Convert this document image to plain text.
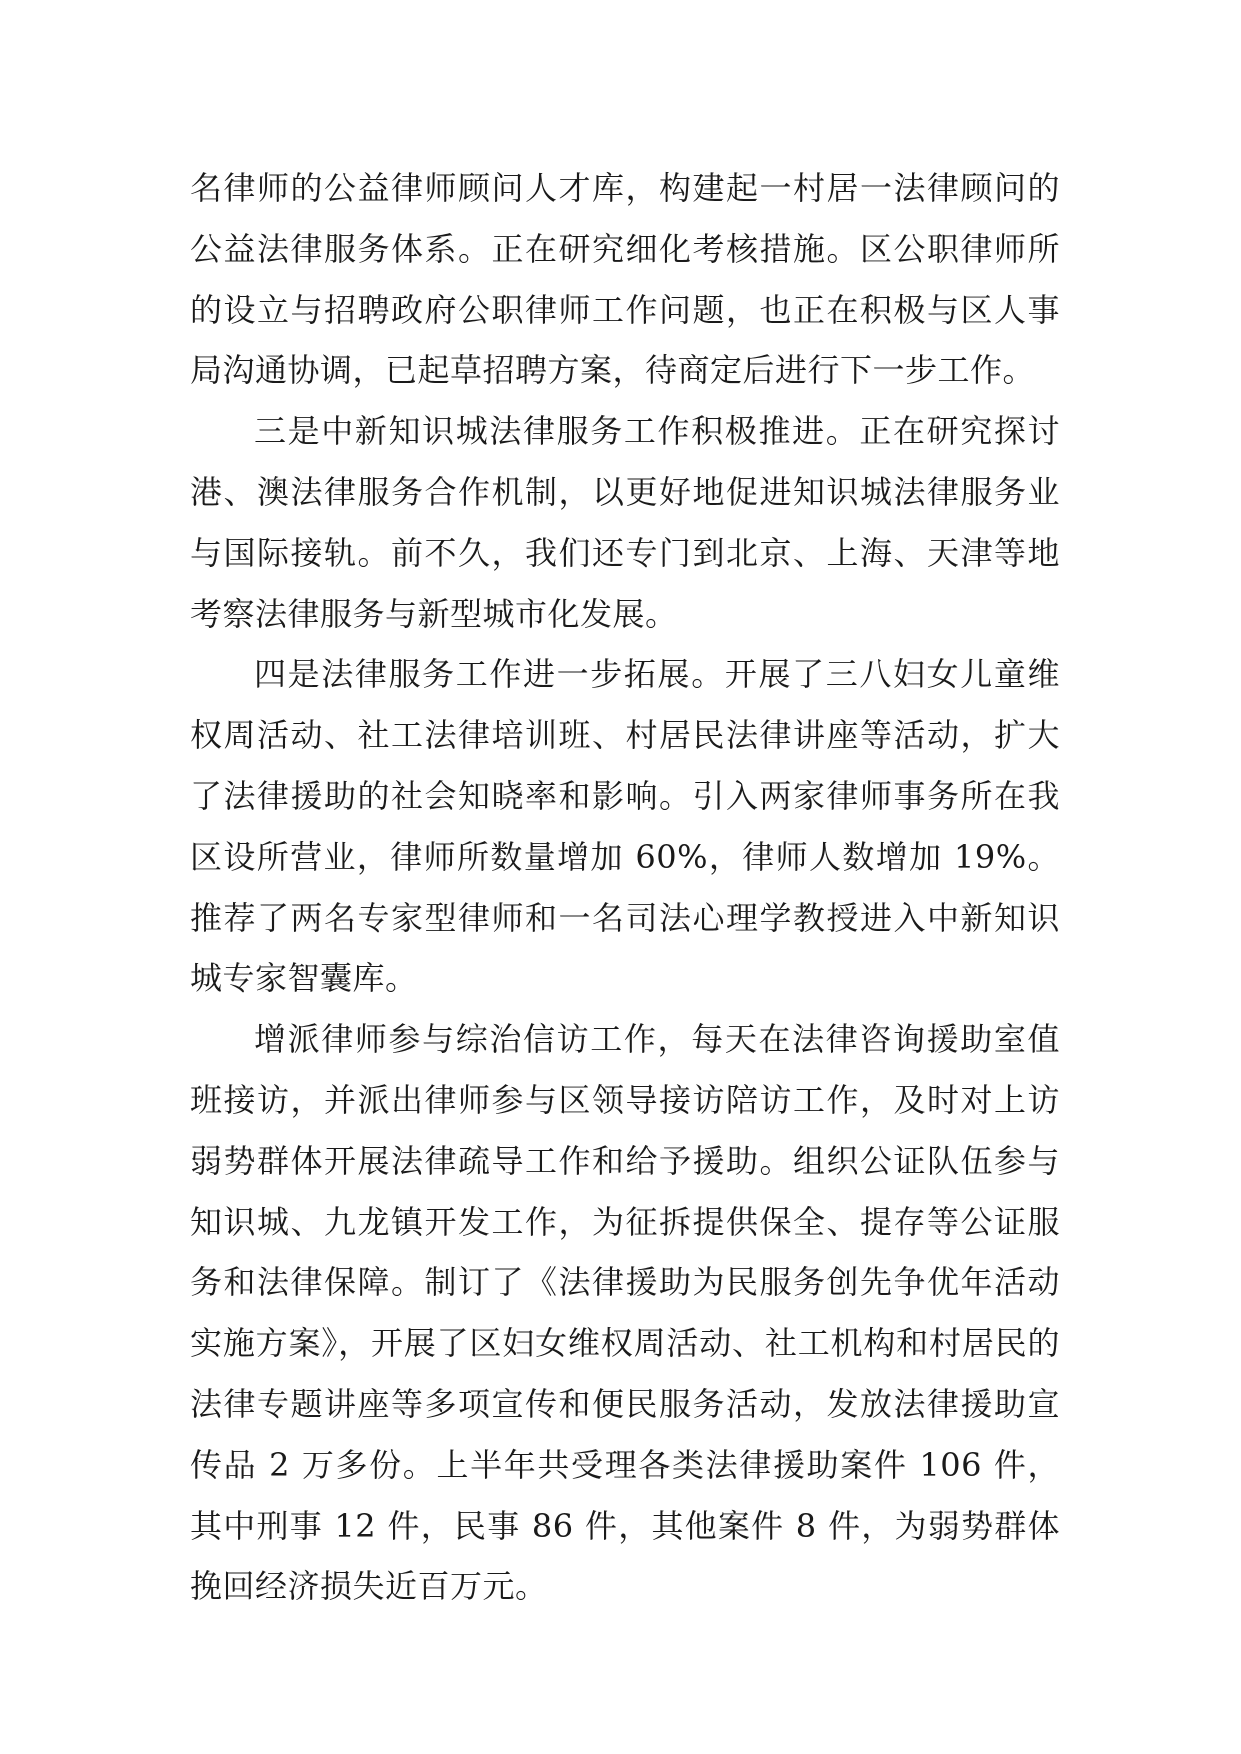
名律师的公益律师顾问人才库，构建起一村居一法律顾问的公益法律服务体系。正在研究细化考核措施。区公职律师所的设立与招聘政府公职律师工作问题，也正在积极与区人事局沟通协调，已起草招聘方案，待商定后进行下一步工作。

三是中新知识城法律服务工作积极推进。正在研究探讨港、澳法律服务合作机制，以更好地促进知识城法律服务业与国际接轨。前不久，我们还专门到北京、上海、天津等地考察法律服务与新型城市化发展。

四是法律服务工作进一步拓展。开展了三八妇女儿童维权周活动、社工法律培训班、村居民法律讲座等活动，扩大了法律援助的社会知晓率和影响。引入两家律师事务所在我区设所营业，律师所数量增加 60%，律师人数增加 19%。推荐了两名专家型律师和一名司法心理学教授进入中新知识城专家智囊库。

增派律师参与综治信访工作，每天在法律咨询援助室值班接访，并派出律师参与区领导接访陪访工作，及时对上访弱势群体开展法律疏导工作和给予援助。组织公证队伍参与知识城、九龙镇开发工作，为征拆提供保全、提存等公证服务和法律保障。制订了《法律援助为民服务创先争优年活动实施方案》，开展了区妇女维权周活动、社工机构和村居民的法律专题讲座等多项宣传和便民服务活动，发放法律援助宣传品 2 万多份。上半年共受理各类法律援助案件 106 件，其中刑事 12 件，民事 86 件，其他案件 8 件，为弱势群体挽回经济损失近百万元。
